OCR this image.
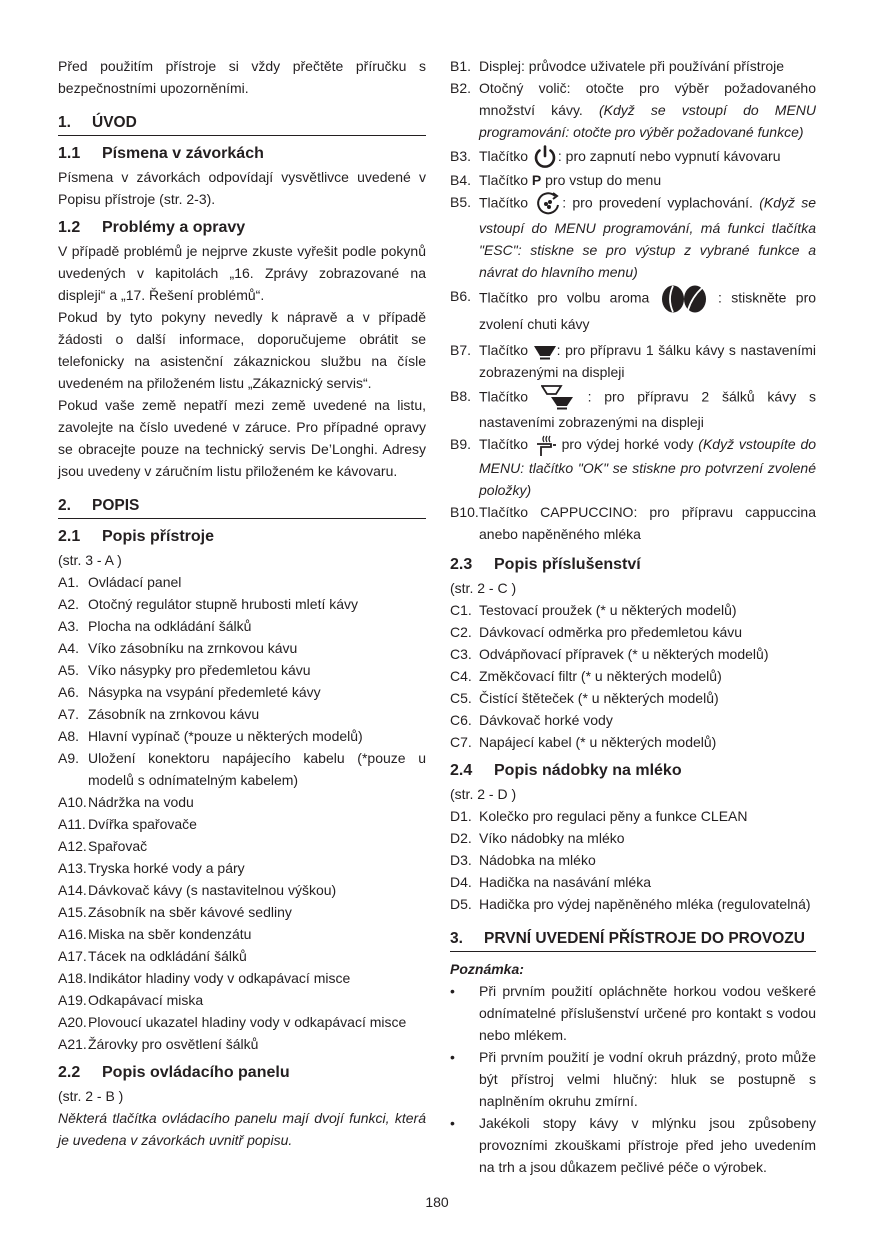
Před použitím přístroje si vždy přečtěte příručku s bezpečnostními upozorněními.

1. ÚVOD
1.1 Písmena v závorkách

Písmena v závorkách odpovídají vysvětlivce uvedené v Popisu přístroje (str. 2-3).

1.2 Problémy a opravy

V případě problémů je nejprve zkuste vyřešit podle pokynů uvedených v kapitolách „16. Zprávy zobrazované na displeji“ a „17. Řešení problémů“.

Pokud by tyto pokyny nevedly k nápravě a v případě žádosti o další informace, doporučujeme obrátit se telefonicky na asistenční zákaznickou službu na čísle uvedeném na přiloženém listu „Zákaznický servis“.

Pokud vaše země nepatří mezi země uvedené na listu, zavolejte na číslo uvedené v záruce. Pro případné opravy se obracejte pouze na technický servis De’Longhi. Adresy jsou uvedeny v záručním listu přiloženém ke kávovaru.

2. POPIS
2.1 Popis přístroje

(str. 3 - A )

A1. Ovládací panel
A2. Otočný regulátor stupně hrubosti mletí kávy
A3. Plocha na odkládání šálků
A4. Víko zásobníku na zrnkovou kávu
A5. Víko násypky pro předemletou kávu
A6. Násypka na vsypání předemleté kávy
A7. Zásobník na zrnkovou kávu
A8. Hlavní vypínač (*pouze u některých modelů)
A9. Uložení konektoru napájecího kabelu (*pouze u modelů s odnímatelným kabelem)
A10. Nádržka na vodu
A11. Dvířka spařovače
A12. Spařovač
A13. Tryska horké vody a páry
A14. Dávkovač kávy (s nastavitelnou výškou)
A15. Zásobník na sběr kávové sedliny
A16. Miska na sběr kondenzátu
A17. Tácek na odkládání šálků
A18. Indikátor hladiny vody v odkapávací misce
A19. Odkapávací miska
A20. Plovoucí ukazatel hladiny vody v odkapávací misce
A21. Žárovky pro osvětlení šálků
2.2 Popis ovládacího panelu

(str. 2 - B )

Některá tlačítka ovládacího panelu mají dvojí funkci, která je uvedena v závorkách uvnitř popisu.

B1. Displej: průvodce uživatele při používání přístroje
B2. Otočný volič: otočte pro výběr požadovaného množství kávy. (Když se vstoupí do MENU programování: otočte pro výběr požadované funkce)
B3. Tlačítko : pro zapnutí nebo vypnutí kávovaru
B4. Tlačítko P pro vstup do menu
B5. Tlačítko : pro provedení vyplachování. (Když se vstoupí do MENU programování, má funkci tlačítka "ESC": stiskne se pro výstup z vybrané funkce a návrat do hlavního menu)
B6. Tlačítko pro volbu aroma	: stiskněte pro zvolení chuti kávy
B7. Tlačítko : pro přípravu 1 šálku kávy s nastaveními zobrazenými na displeji
B8. Tlačítko	: pro přípravu 2 šálků kávy s nastaveními zobrazenými na displeji
B9. Tlačítko pro výdej horké vody (Když vstoupíte do MENU: tlačítko "OK" se stiskne pro potvrzení zvolené položky)
B10. Tlačítko CAPPUCCINO: pro přípravu cappuccina anebo napěněného mléka
2.3 Popis příslušenství

(str. 2 - C )

C1. Testovací proužek (* u některých modelů)
C2. Dávkovací odměrka pro předemletou kávu
C3. Odvápňovací přípravek (* u některých modelů)
C4. Změkčovací filtr (* u některých modelů)
C5. Čistící štěteček (* u některých modelů)
C6. Dávkovač horké vody
C7. Napájecí kabel (* u některých modelů)
2.4 Popis nádobky na mléko

(str. 2 - D )

D1. Kolečko pro regulaci pěny a funkce CLEAN
D2. Víko nádobky na mléko
D3. Nádobka na mléko
D4. Hadička na nasávání mléka
D5. Hadička pro výdej napěněného mléka (regulovatelná)
3. PRVNÍ UVEDENÍ PŘÍSTROJE DO PROVOZU

Poznámka:

•	Při prvním použití opláchněte horkou vodou veškeré odnímatelné příslušenství určené pro kontakt s vodou nebo mlékem.
•	Při prvním použití je vodní okruh prázdný, proto může být přístroj velmi hlučný: hluk se postupně s naplněním okruhu zmírní.
•	Jakékoli stopy kávy v mlýnku jsou způsobeny provozními zkouškami přístroje před jeho uvedením na trh a jsou důkazem pečlivé péče o výrobek.
180
